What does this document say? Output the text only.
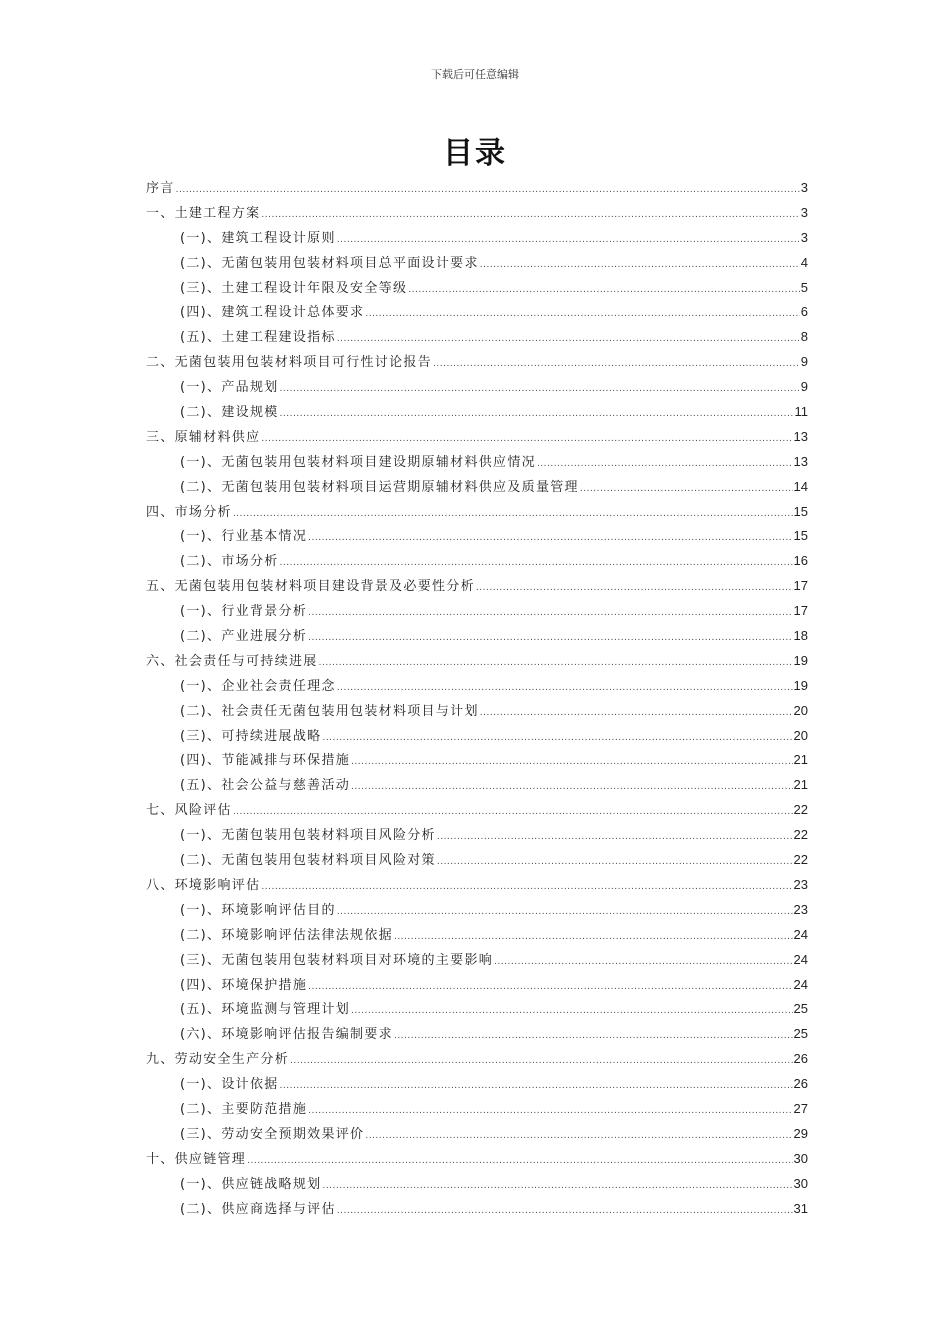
下载后可任意编辑
目录
序言 .....	3
一、土建工程方案 .....	3
(一)、建筑工程设计原则 .....	3
(二)、无菌包装用包装材料项目总平面设计要求 .....	4
(三)、土建工程设计年限及安全等级 .....	5
(四)、建筑工程设计总体要求 .....	6
(五)、土建工程建设指标 .....	8
二、无菌包装用包装材料项目可行性讨论报告 .....	9
(一)、产品规划 .....	9
(二)、建设规模 .....	11
三、原辅材料供应 .....	13
(一)、无菌包装用包装材料项目建设期原辅材料供应情况 .....	13
(二)、无菌包装用包装材料项目运营期原辅材料供应及质量管理 .....	14
四、市场分析 .....	15
(一)、行业基本情况 .....	15
(二)、市场分析 .....	16
五、无菌包装用包装材料项目建设背景及必要性分析 .....	17
(一)、行业背景分析 .....	17
(二)、产业进展分析 .....	18
六、社会责任与可持续进展 .....	19
(一)、企业社会责任理念 .....	19
(二)、社会责任无菌包装用包装材料项目与计划 .....	20
(三)、可持续进展战略 .....	20
(四)、节能减排与环保措施 .....	21
(五)、社会公益与慈善活动 .....	21
七、风险评估 .....	22
(一)、无菌包装用包装材料项目风险分析 .....	22
(二)、无菌包装用包装材料项目风险对策 .....	22
八、环境影响评估 .....	23
(一)、环境影响评估目的 .....	23
(二)、环境影响评估法律法规依据 .....	24
(三)、无菌包装用包装材料项目对环境的主要影响 .....	24
(四)、环境保护措施 .....	24
(五)、环境监测与管理计划 .....	25
(六)、环境影响评估报告编制要求 .....	25
九、劳动安全生产分析 .....	26
(一)、设计依据 .....	26
(二)、主要防范措施 .....	27
(三)、劳动安全预期效果评价 .....	29
十、供应链管理 .....	30
(一)、供应链战略规划 .....	30
(二)、供应商选择与评估 .....	31
